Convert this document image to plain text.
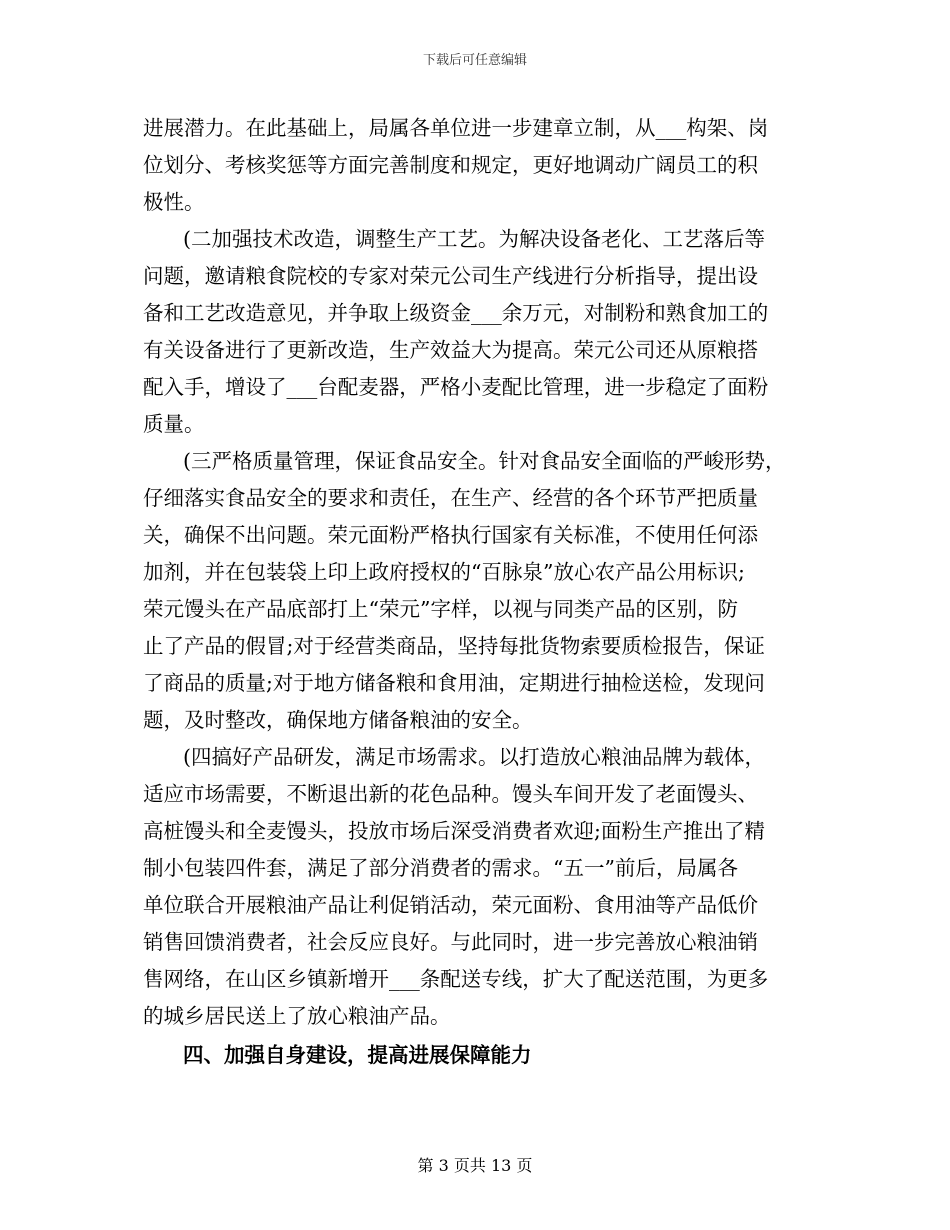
下载后可任意编辑
进展潜力。在此基础上，局属各单位进一步建章立制，从___构架、岗
位划分、考核奖惩等方面完善制度和规定，更好地调动广阔员工的积
极性。
(二加强技术改造，调整生产工艺。为解决设备老化、工艺落后等
问题，邀请粮食院校的专家对荣元公司生产线进行分析指导，提出设
备和工艺改造意见，并争取上级资金___余万元，对制粉和熟食加工的
有关设备进行了更新改造，生产效益大为提高。荣元公司还从原粮搭
配入手，增设了___台配麦器，严格小麦配比管理，进一步稳定了面粉
质量。
(三严格质量管理，保证食品安全。针对食品安全面临的严峻形势，
仔细落实食品安全的要求和责任，在生产、经营的各个环节严把质量
关，确保不出问题。荣元面粉严格执行国家有关标准，不使用任何添
加剂，并在包装袋上印上政府授权的“百脉泉”放心农产品公用标识;
荣元馒头在产品底部打上“荣元”字样，以视与同类产品的区别，防
止了产品的假冒;对于经营类商品，坚持每批货物索要质检报告，保证
了商品的质量;对于地方储备粮和食用油，定期进行抽检送检，发现问
题，及时整改，确保地方储备粮油的安全。
(四搞好产品研发，满足市场需求。以打造放心粮油品牌为载体，
适应市场需要，不断退出新的花色品种。馒头车间开发了老面馒头、
高桩馒头和全麦馒头，投放市场后深受消费者欢迎;面粉生产推出了精
制小包装四件套，满足了部分消费者的需求。“五一”前后，局属各
单位联合开展粮油产品让利促销活动，荣元面粉、食用油等产品低价
销售回馈消费者，社会反应良好。与此同时，进一步完善放心粮油销
售网络，在山区乡镇新增开___条配送专线，扩大了配送范围，为更多
的城乡居民送上了放心粮油产品。
四、加强自身建设，提高进展保障能力
第 3 页共 13 页
